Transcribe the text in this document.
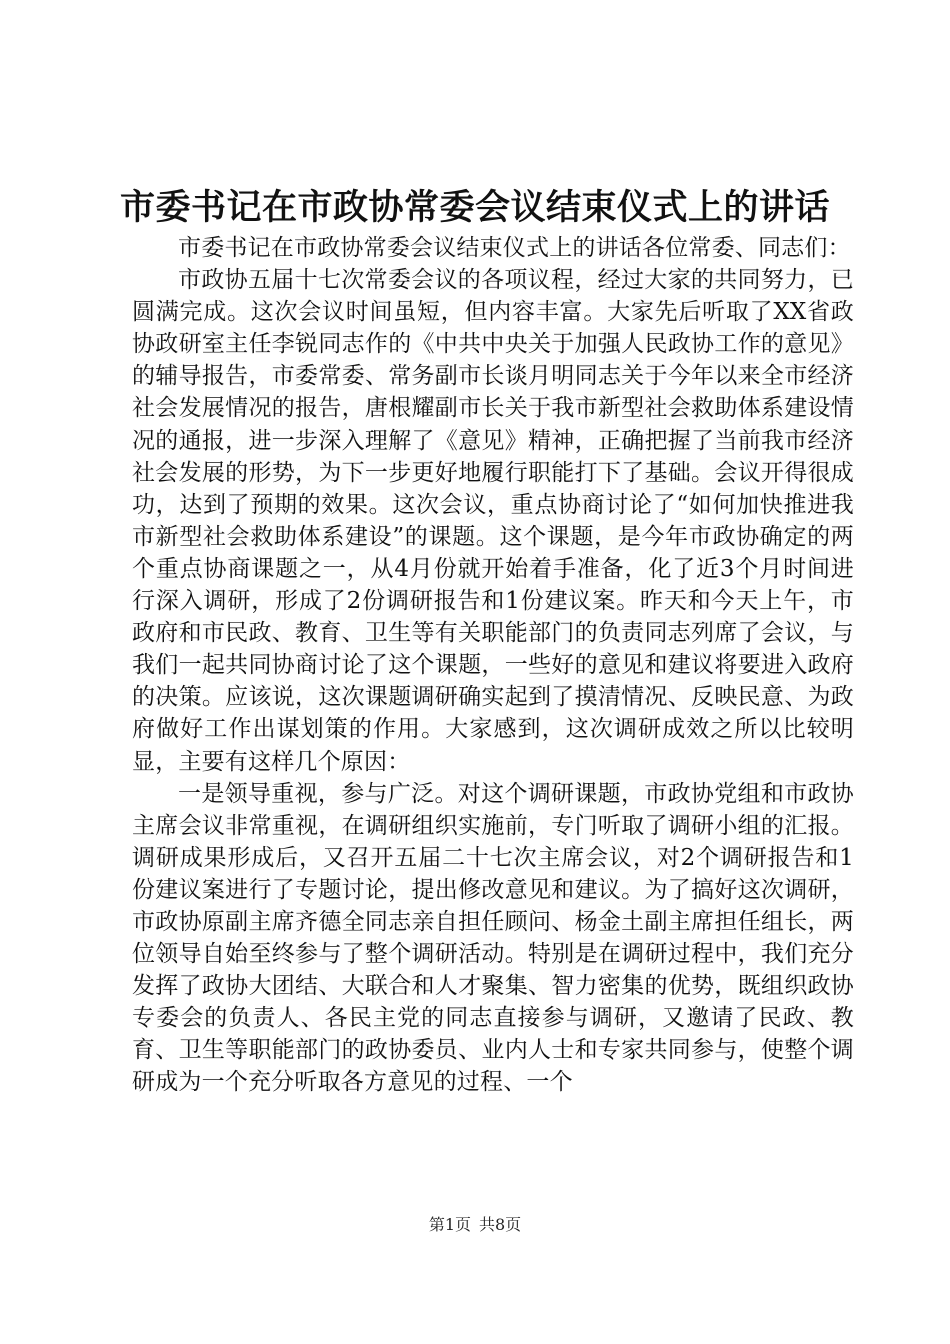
市委书记在市政协常委会议结束仪式上的讲话

市委书记在市政协常委会议结束仪式上的讲话各位常委、同志们：

市政协五届十七次常委会议的各项议程，经过大家的共同努力，已圆满完成。这次会议时间虽短，但内容丰富。大家先后听取了XX省政协政研室主任李锐同志作的《中共中央关于加强人民政协工作的意见》的辅导报告，市委常委、常务副市长谈月明同志关于今年以来全市经济社会发展情况的报告，唐根耀副市长关于我市新型社会救助体系建设情况的通报，进一步深入理解了《意见》精神，正确把握了当前我市经济社会发展的形势，为下一步更好地履行职能打下了基础。会议开得很成功，达到了预期的效果。这次会议，重点协商讨论了“如何加快推进我市新型社会救助体系建设”的课题。这个课题，是今年市政协确定的两个重点协商课题之一，从4月份就开始着手准备，化了近3个月时间进行深入调研，形成了2份调研报告和1份建议案。昨天和今天上午，市政府和市民政、教育、卫生等有关职能部门的负责同志列席了会议，与我们一起共同协商讨论了这个课题，一些好的意见和建议将要进入政府的决策。应该说，这次课题调研确实起到了摸清情况、反映民意、为政府做好工作出谋划策的作用。大家感到，这次调研成效之所以比较明显，主要有这样几个原因：

一是领导重视，参与广泛。对这个调研课题，市政协党组和市政协主席会议非常重视，在调研组织实施前，专门听取了调研小组的汇报。调研成果形成后，又召开五届二十七次主席会议，对2个调研报告和1份建议案进行了专题讨论，提出修改意见和建议。为了搞好这次调研，市政协原副主席齐德全同志亲自担任顾问、杨金土副主席担任组长，两位领导自始至终参与了整个调研活动。特别是在调研过程中，我们充分发挥了政协大团结、大联合和人才聚集、智力密集的优势，既组织政协专委会的负责人、各民主党的同志直接参与调研，又邀请了民政、教育、卫生等职能部门的政协委员、业内人士和专家共同参与，使整个调研成为一个充分听取各方意见的过程、一个

第1页 共8页
